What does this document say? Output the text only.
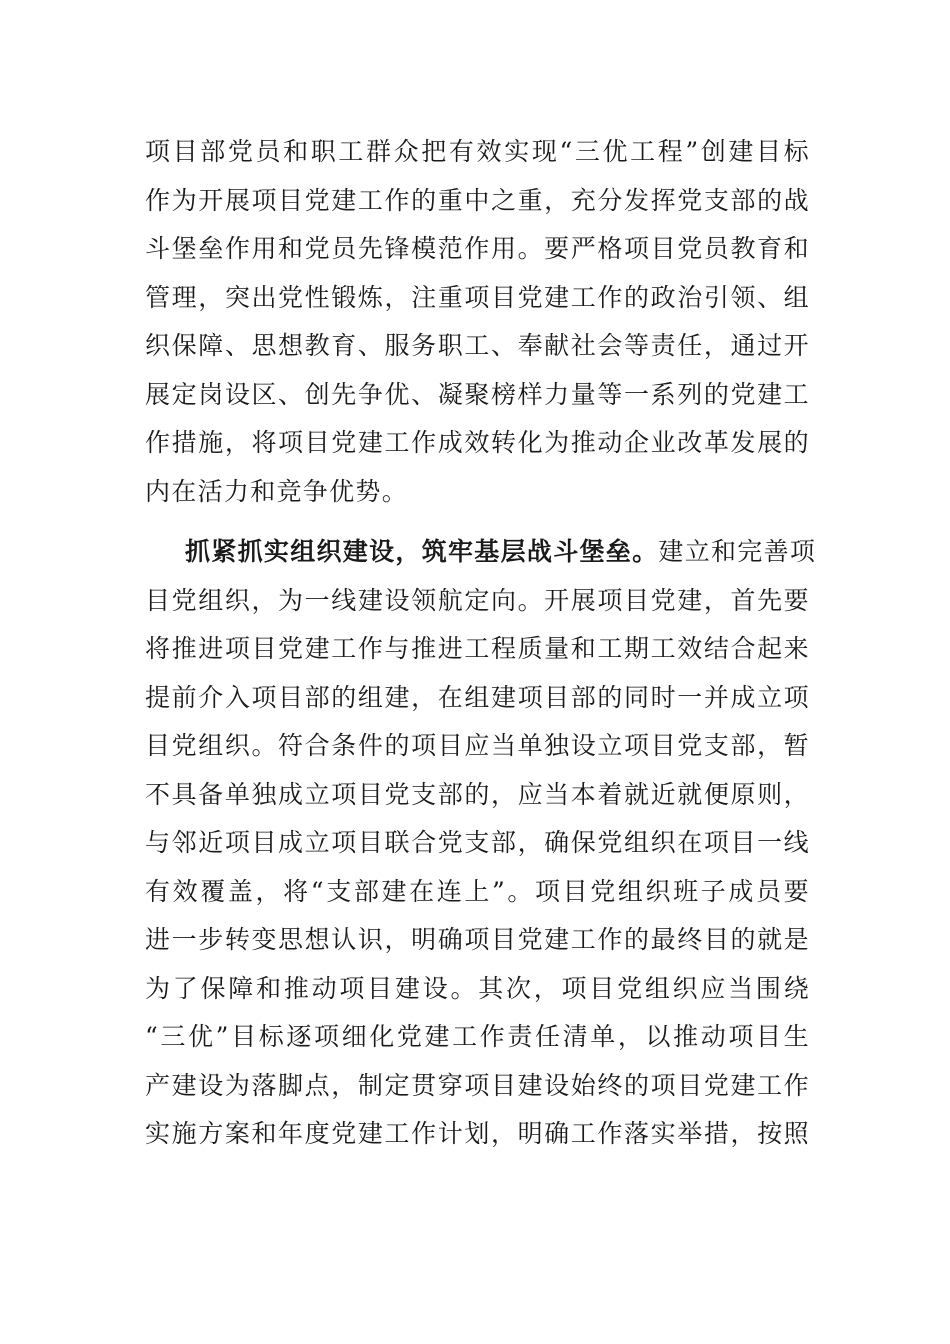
项目部党员和职工群众把有效实现“三优工程”创建目标
作为开展项目党建工作的重中之重，充分发挥党支部的战
斗堡垒作用和党员先锋模范作用。要严格项目党员教育和
管理，突出党性锻炼，注重项目党建工作的政治引领、组
织保障、思想教育、服务职工、奉献社会等责任，通过开
展定岗设区、创先争优、凝聚榜样力量等一系列的党建工
作措施，将项目党建工作成效转化为推动企业改革发展的
内在活力和竞争优势。
抓紧抓实组织建设，筑牢基层战斗堡垒。建立和完善项
目党组织，为一线建设领航定向。开展项目党建，首先要
将推进项目党建工作与推进工程质量和工期工效结合起来
提前介入项目部的组建，在组建项目部的同时一并成立项
目党组织。符合条件的项目应当单独设立项目党支部，暂
不具备单独成立项目党支部的，应当本着就近就便原则，
与邻近项目成立项目联合党支部，确保党组织在项目一线
有效覆盖，将“支部建在连上”。项目党组织班子成员要
进一步转变思想认识，明确项目党建工作的最终目的就是
为了保障和推动项目建设。其次，项目党组织应当围绕
“三优”目标逐项细化党建工作责任清单，以推动项目生
产建设为落脚点，制定贯穿项目建设始终的项目党建工作
实施方案和年度党建工作计划，明确工作落实举措，按照
